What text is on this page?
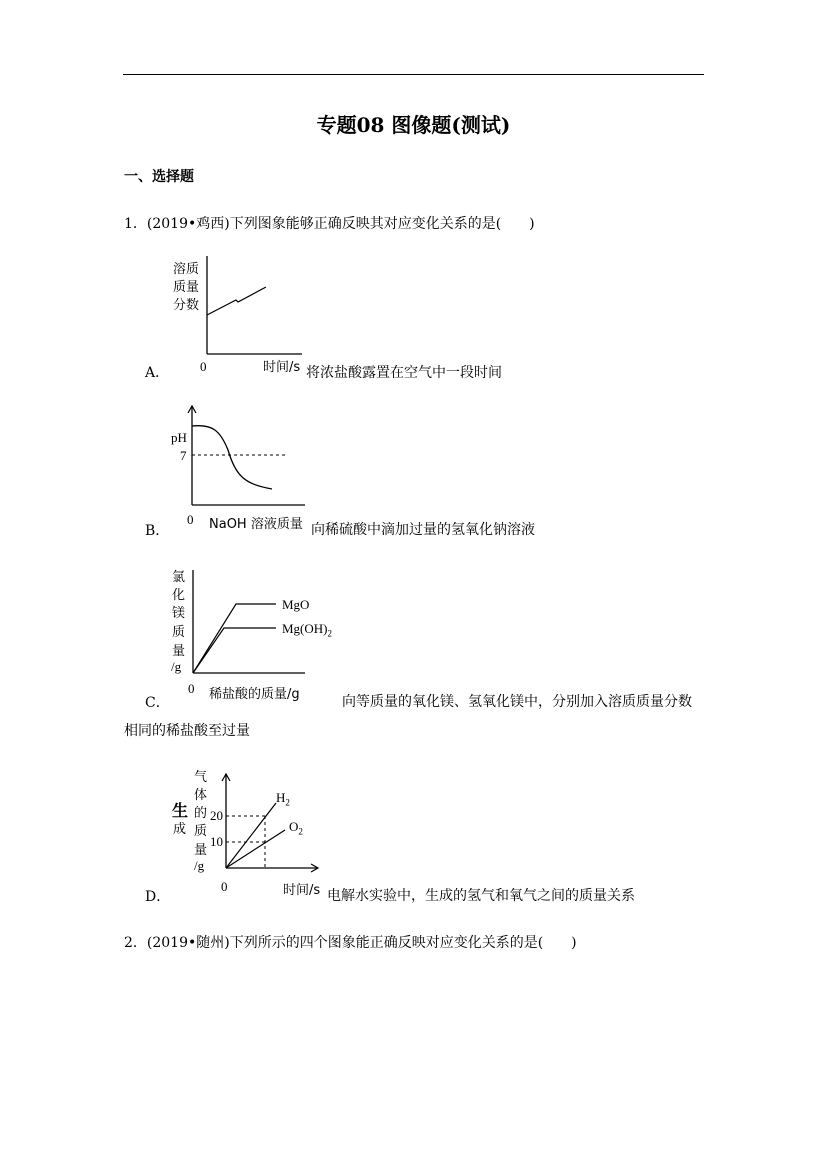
专题08 图像题(测试)
一、选择题
1．(2019•鸡西)下列图象能够正确反映其对应变化关系的是(　　)
溶质
质量
分数
0	时间/s
A．	将浓盐酸露置在空气中一段时间
pH
7
0 NaOH 溶液质量
B．	向稀硫酸中滴加过量的氢氧化钠溶液
氯
化
镁
质
量
/g
MgO
$Mg(OH)_2$
0 稀盐酸的质量/g
C．	向等质量的氧化镁、氢氧化镁中，分别加入溶质质量分数
相同的稀盐酸至过量
气
体
的
质
量
/g
生
成
20
10
$H_2$
$O_2$
0	时间/s
D．	电解水实验中，生成的氢气和氧气之间的质量关系
2．(2019•随州)下列所示的四个图象能正确反映对应变化关系的是(　　)
